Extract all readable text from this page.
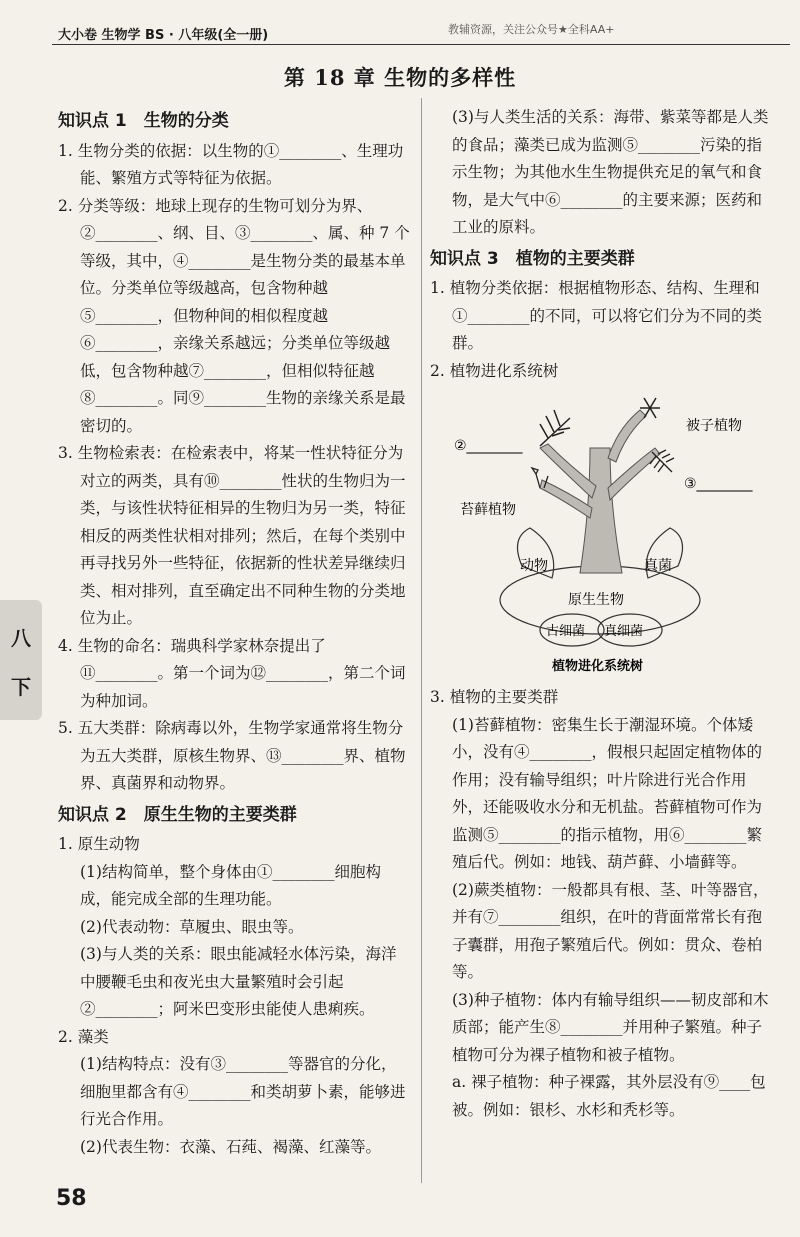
大小卷 生物学 BS · 八年级(全一册)	教辅资源，关注公众号★全科AA+
第 18 章 生物的多样性
八
下

知识点 1　生物的分类

1. 生物分类的依据：以生物的①________、生理功能、繁殖方式等特征为依据。

2. 分类等级：地球上现存的生物可划分为界、②________、纲、目、③________、属、种 7 个等级，其中，④________是生物分类的最基本单位。分类单位等级越高，包含物种越⑤________，但物种间的相似程度越⑥________，亲缘关系越远；分类单位等级越低，包含物种越⑦________，但相似特征越⑧________。同⑨________生物的亲缘关系是最密切的。

3. 生物检索表：在检索表中，将某一性状特征分为对立的两类，具有⑩________性状的生物归为一类，与该性状特征相异的生物归为另一类，特征相反的两类性状相对排列；然后，在每个类别中再寻找另外一些特征，依据新的性状差异继续归类、相对排列，直至确定出不同种生物的分类地位为止。

4. 生物的命名：瑞典科学家林奈提出了⑪________。第一个词为⑫________，第二个词为种加词。

5. 五大类群：除病毒以外，生物学家通常将生物分为五大类群，原核生物界、⑬________界、植物界、真菌界和动物界。

知识点 2　原生生物的主要类群

1. 原生动物

(1)结构简单，整个身体由①________细胞构成，能完成全部的生理功能。

(2)代表动物：草履虫、眼虫等。

(3)与人类的关系：眼虫能减轻水体污染，海洋中腰鞭毛虫和夜光虫大量繁殖时会引起②________；阿米巴变形虫能使人患痢疾。

2. 藻类

(1)结构特点：没有③________等器官的分化，细胞里都含有④________和类胡萝卜素，能够进行光合作用。

(2)代表生物：衣藻、石莼、褐藻、红藻等。

(3)与人类生活的关系：海带、紫菜等都是人类的食品；藻类已成为监测⑤________污染的指示生物；为其他水生生物提供充足的氧气和食物，是大气中⑥________的主要来源；医药和工业的原料。

知识点 3　植物的主要类群

1. 植物分类依据：根据植物形态、结构、生理和①________的不同，可以将它们分为不同的类群。

2. 植物进化系统树

②________
③________
被子植物
苔藓植物
动物	真菌
原生生物
古细菌 真细菌
植物进化系统树

3. 植物的主要类群

(1)苔藓植物：密集生长于潮湿环境。个体矮小，没有④________，假根只起固定植物体的作用；没有输导组织；叶片除进行光合作用外，还能吸收水分和无机盐。苔藓植物可作为监测⑤________的指示植物，用⑥________繁殖后代。例如：地钱、葫芦藓、小墙藓等。

(2)蕨类植物：一般都具有根、茎、叶等器官，并有⑦________组织，在叶的背面常常长有孢子囊群，用孢子繁殖后代。例如：贯众、卷柏等。

(3)种子植物：体内有输导组织——韧皮部和木质部；能产生⑧________并用种子繁殖。种子植物可分为裸子植物和被子植物。

a. 裸子植物：种子裸露，其外层没有⑨____包被。例如：银杉、水杉和秃杉等。

58
